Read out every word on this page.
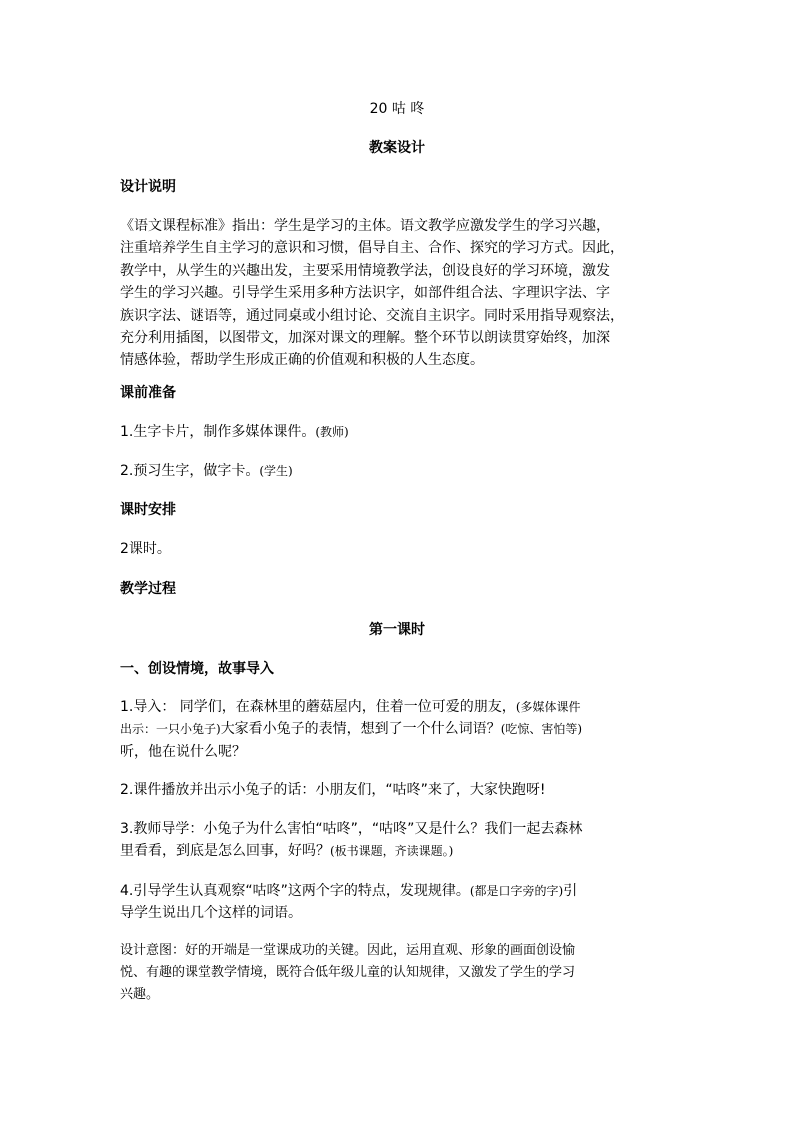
20 咕 咚
教案设计
设计说明
《语文课程标准》指出：学生是学习的主体。语文教学应激发学生的学习兴趣，
注重培养学生自主学习的意识和习惯，倡导自主、合作、探究的学习方式。因此，
教学中，从学生的兴趣出发，主要采用情境教学法，创设良好的学习环境，激发
学生的学习兴趣。引导学生采用多种方法识字，如部件组合法、字理识字法、字
族识字法、谜语等，通过同桌或小组讨论、交流自主识字。同时采用指导观察法，
充分利用插图，以图带文，加深对课文的理解。整个环节以朗读贯穿始终，加深
情感体验，帮助学生形成正确的价值观和积极的人生态度。
课前准备
1.生字卡片，制作多媒体课件。(教师)
2.预习生字，做字卡。(学生)
课时安排
2课时。
教学过程
第一课时
一、创设情境，故事导入
1.导入： 同学们，在森林里的蘑菇屋内，住着一位可爱的朋友，(多媒体课件
出示：一只小兔子)大家看小兔子的表情，想到了一个什么词语？(吃惊、害怕等)
听，他在说什么呢？
2.课件播放并出示小兔子的话：小朋友们，“咕咚”来了，大家快跑呀!
3.教师导学：小兔子为什么害怕“咕咚”，“咕咚”又是什么？我们一起去森林
里看看，到底是怎么回事，好吗？(板书课题，齐读课题。)
4.引导学生认真观察“咕咚”这两个字的特点，发现规律。(都是口字旁的字)引
导学生说出几个这样的词语。
设计意图：好的开端是一堂课成功的关键。因此，运用直观、形象的画面创设愉
悦、有趣的课堂教学情境，既符合低年级儿童的认知规律，又激发了学生的学习
兴趣。
